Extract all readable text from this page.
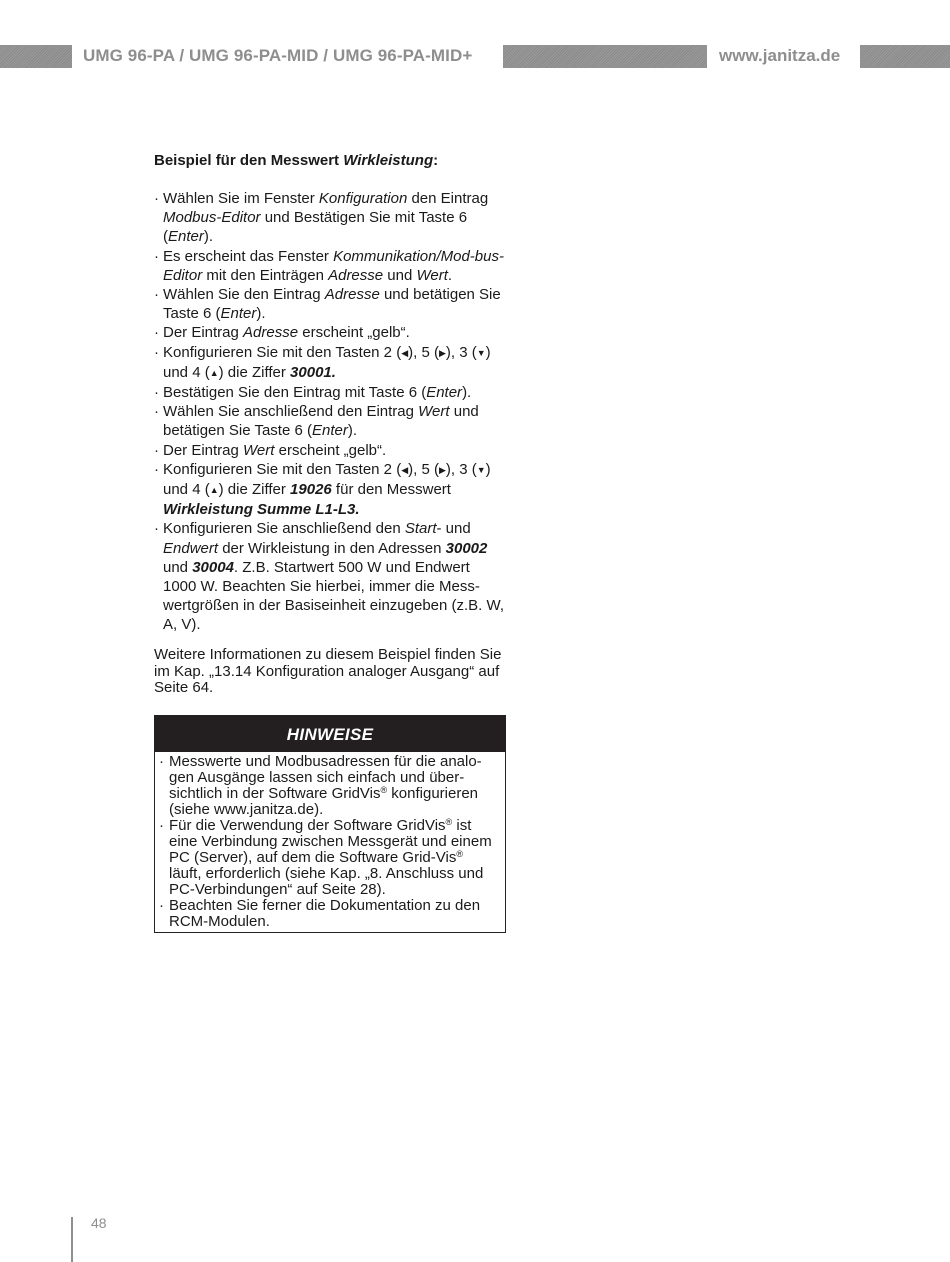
UMG 96-PA / UMG 96-PA-MID / UMG 96-PA-MID+	www.janitza.de
Beispiel für den Messwert Wirkleistung:
· Wählen Sie im Fenster Konfiguration den Eintrag Modbus-Editor und Bestätigen Sie mit Taste 6 (Enter).
· Es erscheint das Fenster Kommunikation/Mod-bus-Editor mit den Einträgen Adresse und Wert.
· Wählen Sie den Eintrag Adresse und betätigen Sie Taste 6 (Enter).
· Der Eintrag Adresse erscheint „gelb“.
· Konfigurieren Sie mit den Tasten 2 (◀), 5 (▶), 3 (▼) und 4 (▲) die Ziffer 30001.
· Bestätigen Sie den Eintrag mit Taste 6 (Enter).
· Wählen Sie anschließend den Eintrag Wert und betätigen Sie Taste 6 (Enter).
· Der Eintrag Wert erscheint „gelb“.
· Konfigurieren Sie mit den Tasten 2 (◀), 5 (▶), 3 (▼) und 4 (▲) die Ziffer 19026 für den Messwert Wirkleistung Summe L1-L3.
· Konfigurieren Sie anschließend den Start- und Endwert der Wirkleistung in den Adressen 30002 und 30004. Z.B. Startwert 500 W und Endwert 1000 W. Beachten Sie hierbei, immer die Mess-wertgrößen in der Basiseinheit einzugeben (z.B. W, A, V).
Weitere Informationen zu diesem Beispiel finden Sie im Kap. „13.14 Konfiguration analoger Ausgang“ auf Seite 64.
HINWEISE
· Messwerte und Modbusadressen für die analo-gen Ausgänge lassen sich einfach und über-sichtlich in der Software GridVis® konfigurieren (siehe www.janitza.de).
· Für die Verwendung der Software GridVis® ist eine Verbindung zwischen Messgerät und einem PC (Server), auf dem die Software Grid-Vis® läuft, erforderlich (siehe Kap. „8. Anschluss und PC-Verbindungen“ auf Seite 28).
· Beachten Sie ferner die Dokumentation zu den RCM-Modulen.
48
